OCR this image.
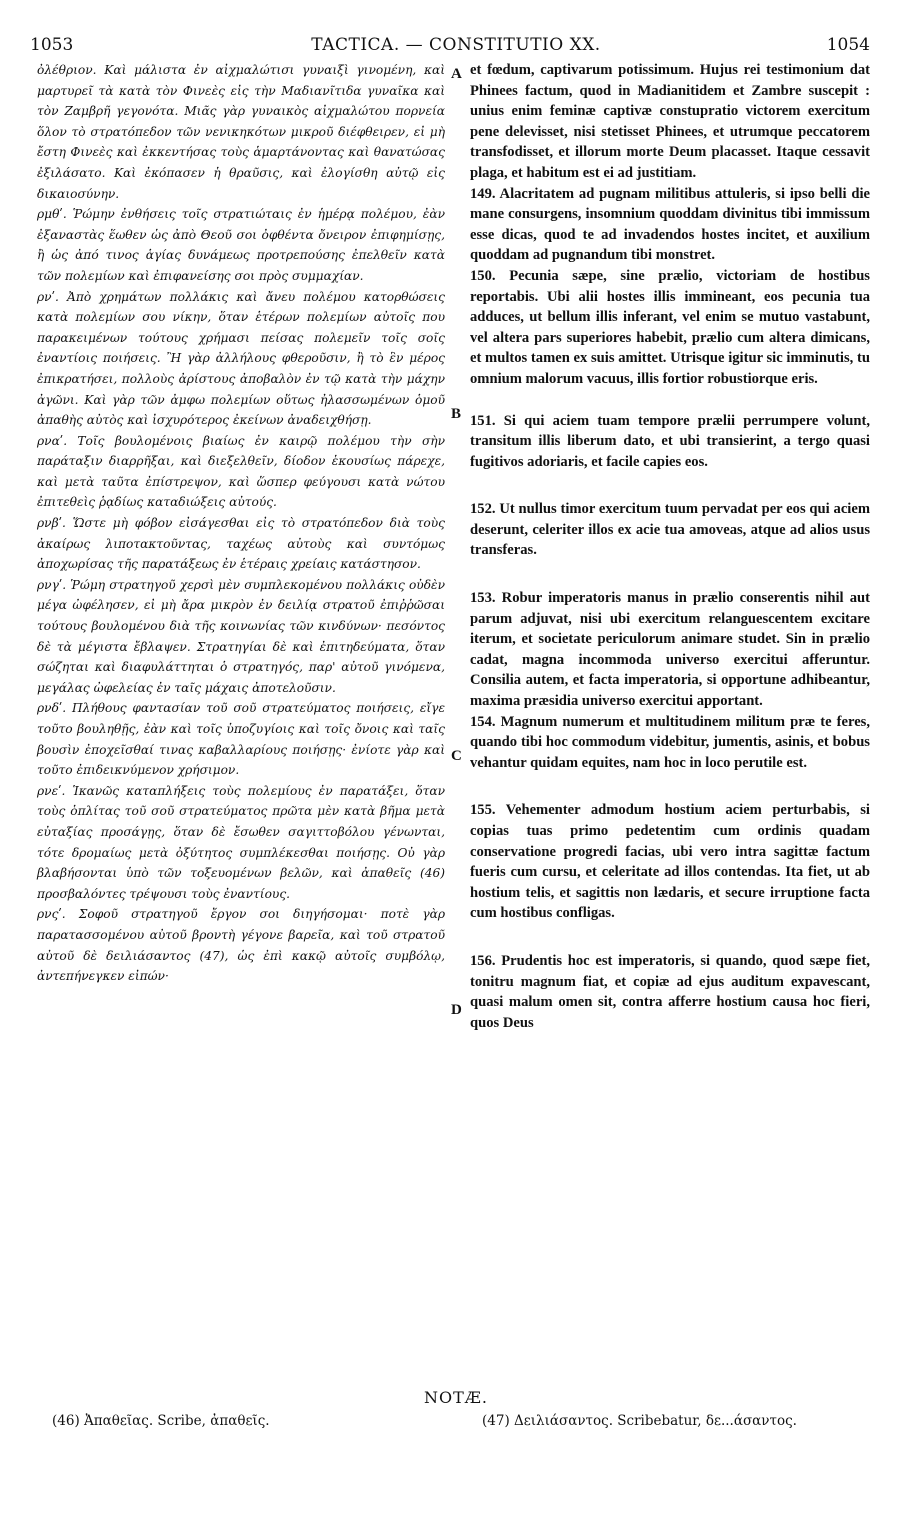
1053	TACTICA. — CONSTITUTIO XX.	1054

ὀλέθριον. Καὶ μάλιστα ἐν αἰχμαλώτισι γυναιξὶ γινομένη, καὶ μαρτυρεῖ τὰ κατὰ τὸν Φινεὲς εἰς τὴν Μαδιανῖτιδα γυναῖκα καὶ τὸν Ζαμβρῆ γεγονότα. Μιᾶς γὰρ γυναικὸς αἰχμαλώτου πορνεία ὅλον τὸ στρατόπεδον τῶν νενικηκότων μικροῦ διέφθειρεν, εἰ μὴ ἔστη Φινεὲς καὶ ἐκκεντήσας τοὺς ἁμαρτάνοντας καὶ θανατώσας ἐξιλάσατο. Καὶ ἐκόπασεν ἡ θραῦσις, καὶ ἐλογίσθη αὐτῷ εἰς δικαιοσύνην.

ρμθʹ. Ῥώμην ἐνθήσεις τοῖς στρατιώταις ἐν ἡμέρᾳ πολέμου, ἐὰν ἐξαναστὰς ἕωθεν ὡς ἀπὸ Θεοῦ σοι ὀφθέντα ὄνειρον ἐπιφημίσῃς, ἢ ὡς ἀπό τινος ἁγίας δυνάμεως προτρεπούσης ἐπελθεῖν κατὰ τῶν πολεμίων καὶ ἐπιφανείσης σοι πρὸς συμμαχίαν.

ρνʹ. Ἀπὸ χρημάτων πολλάκις καὶ ἄνευ πολέμου κατορθώσεις κατὰ πολεμίων σου νίκην, ὅταν ἑτέρων πολεμίων αὐτοῖς που παρακειμένων τούτους χρήμασι πείσας πολεμεῖν τοῖς σοῖς ἐναντίοις ποιήσεις. Ἢ γὰρ ἀλλήλους φθεροῦσιν, ἢ τὸ ἓν μέρος ἐπικρατήσει, πολλοὺς ἀρίστους ἀποβαλὸν ἐν τῷ κατὰ τὴν μάχην ἀγῶνι. Καὶ γὰρ τῶν ἀμφω πολεμίων οὕτως ἠλασσωμένων ὁμοῦ ἀπαθὴς αὐτὸς καὶ ἰσχυρότερος ἐκείνων ἀναδειχθήσῃ.

ρναʹ. Τοῖς βουλομένοις βιαίως ἐν καιρῷ πολέμου τὴν σὴν παράταξιν διαρρῆξαι, καὶ διεξελθεῖν, δίοδον ἑκουσίως πάρεχε, καὶ μετὰ ταῦτα ἐπίστρεψον, καὶ ὥσπερ φεύγουσι κατὰ νώτου ἐπιτεθεὶς ῥᾳδίως καταδιώξεις αὐτούς.

ρνβʹ. Ὥστε μὴ φόβον εἰσάγεσθαι εἰς τὸ στρατόπεδον διὰ τοὺς ἀκαίρως λιποτακτοῦντας, ταχέως αὐτοὺς καὶ συντόμως ἀποχωρίσας τῆς παρατάξεως ἐν ἑτέραις χρείαις κατάστησον.

ρνγʹ. Ῥώμη στρατηγοῦ χερσὶ μὲν συμπλεκομένου πολλάκις οὐδὲν μέγα ὠφέλησεν, εἰ μὴ ἄρα μικρὸν ἐν δειλίᾳ στρατοῦ ἐπιῤῥῶσαι τούτους βουλομένου διὰ τῆς κοινωνίας τῶν κινδύνων· πεσόντος δὲ τὰ μέγιστα ἔβλαψεν. Στρατηγίαι δὲ καὶ ἐπιτηδεύματα, ὅταν σώζηται καὶ διαφυλάττηται ὁ στρατηγός, παρ' αὐτοῦ γινόμενα, μεγάλας ὠφελείας ἐν ταῖς μάχαις ἀποτελοῦσιν.

ρνδʹ. Πλήθους φαντασίαν τοῦ σοῦ στρατεύματος ποιήσεις, εἴγε τοῦτο βουληθῇς, ἐὰν καὶ τοῖς ὑποζυγίοις καὶ τοῖς ὄνοις καὶ ταῖς βουσὶν ἐποχεῖσθαί τινας καβαλλαρίους ποιήσῃς· ἐνίοτε γὰρ καὶ τοῦτο ἐπιδεικνύμενον χρήσιμον.

ρνεʹ. Ἱκανῶς καταπλήξεις τοὺς πολεμίους ἐν παρατάξει, ὅταν τοὺς ὁπλίτας τοῦ σοῦ στρατεύματος πρῶτα μὲν κατὰ βῆμα μετὰ εὐταξίας προσάγῃς, ὅταν δὲ ἔσωθεν σαγιττοβόλου γένωνται, τότε δρομαίως μετὰ ὀξύτητος συμπλέκεσθαι ποιήσῃς. Οὐ γὰρ βλαβήσονται ὑπὸ τῶν τοξευομένων βελῶν, καὶ ἀπαθεῖς (46) προσβαλόντες τρέψουσι τοὺς ἐναντίους.

ρνςʹ. Σοφοῦ στρατηγοῦ ἔργον σοι διηγήσομαι· ποτὲ γὰρ παρατασσομένου αὐτοῦ βροντὴ γέγονε βαρεῖα, καὶ τοῦ στρατοῦ αὐτοῦ δὲ δειλιάσαντος (47), ὡς ἐπὶ κακῷ αὐτοῖς συμβόλῳ, ἀντεπήνεγκεν εἰπών·

et fœdum, captivarum potissimum. Hujus rei testimonium dat Phinees factum, quod in Madianitidem et Zambre suscepit : unius enim feminæ captivæ constupratio victorem exercitum pene delevisset, nisi stetisset Phinees, et utrumque peccatorem transfodisset, et illorum morte Deum placasset. Itaque cessavit plaga, et habitum est ei ad justitiam.

149. Alacritatem ad pugnam militibus attuleris, si ipso belli die mane consurgens, insomnium quoddam divinitus tibi immissum esse dicas, quod te ad invadendos hostes incitet, et auxilium quoddam ad pugnandum tibi monstret.

150. Pecunia sæpe, sine prælio, victoriam de hostibus reportabis. Ubi alii hostes illis immineant, eos pecunia tua adduces, ut bellum illis inferant, vel enim se mutuo vastabunt, vel altera pars superiores habebit, prælio cum altera dimicans, et multos tamen ex suis amittet. Utrisque igitur sic imminutis, tu omnium malorum vacuus, illis fortior robustiorque eris.

151. Si qui aciem tuam tempore prælii perrumpere volunt, transitum illis liberum dato, et ubi transierint, a tergo quasi fugitivos adoriaris, et facile capies eos.

152. Ut nullus timor exercitum tuum pervadat per eos qui aciem deserunt, celeriter illos ex acie tua amoveas, atque ad alios usus transferas.

153. Robur imperatoris manus in prælio conserentis nihil aut parum adjuvat, nisi ubi exercitum relanguescentem excitare iterum, et societate periculorum animare studet. Sin in prælio cadat, magna incommoda universo exercitui afferuntur. Consilia autem, et facta imperatoria, si opportune adhibeantur, maxima præsidia universo exercitui apportant.

154. Magnum numerum et multitudinem militum præ te feres, quando tibi hoc commodum videbitur, jumentis, asinis, et bobus vehantur quidam equites, nam hoc in loco perutile est.

155. Vehementer admodum hostium aciem perturbabis, si copias tuas primo pedetentim cum ordinis quadam conservatione progredi facias, ubi vero intra sagittæ factum fueris cum cursu, et celeritate ad illos contendas. Ita fiet, ut ab hostium telis, et sagittis non lædaris, et secure irruptione facta cum hostibus confligas.

156. Prudentis hoc est imperatoris, si quando, quod sæpe fiet, tonitru magnum fiat, et copiæ ad ejus auditum expavescant, quasi malum omen sit, contra afferre hostium causa hoc fieri, quos Deus

A
B
C
D
NOTÆ.
(46) Ἀπαθεῖας. Scribe, ἀπαθεῖς.	(47) Δειλιάσαντος. Scribebatur, δε...άσαντος.
